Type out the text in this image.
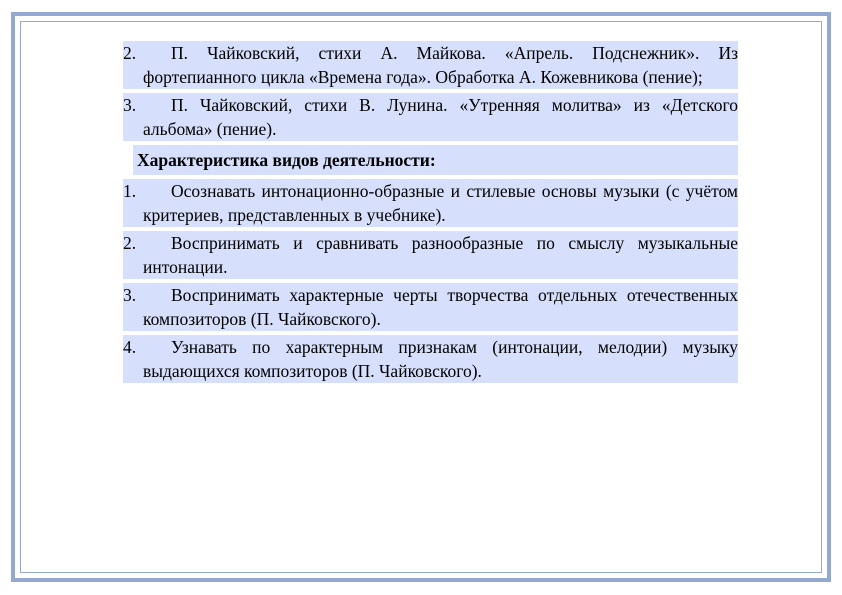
2. П. Чайковский, стихи А. Майкова. «Апрель. Подснежник». Из фортепианного цикла «Времена года». Обработка А. Кожевникова (пение);
3. П. Чайковский, стихи В. Лунина. «Утренняя молитва» из «Детского альбома» (пение).
Характеристика видов деятельности:
1. Осознавать интонационно-образные и стилевые основы музыки (с учётом критериев, представленных в учебнике).
2. Воспринимать и сравнивать разнообразные по смыслу музыкальные интонации.
3. Воспринимать характерные черты творчества отдельных отечественных композиторов (П. Чайковского).
4. Узнавать по характерным признакам (интонации, мелодии) музыку выдающихся композиторов (П. Чайковского).
